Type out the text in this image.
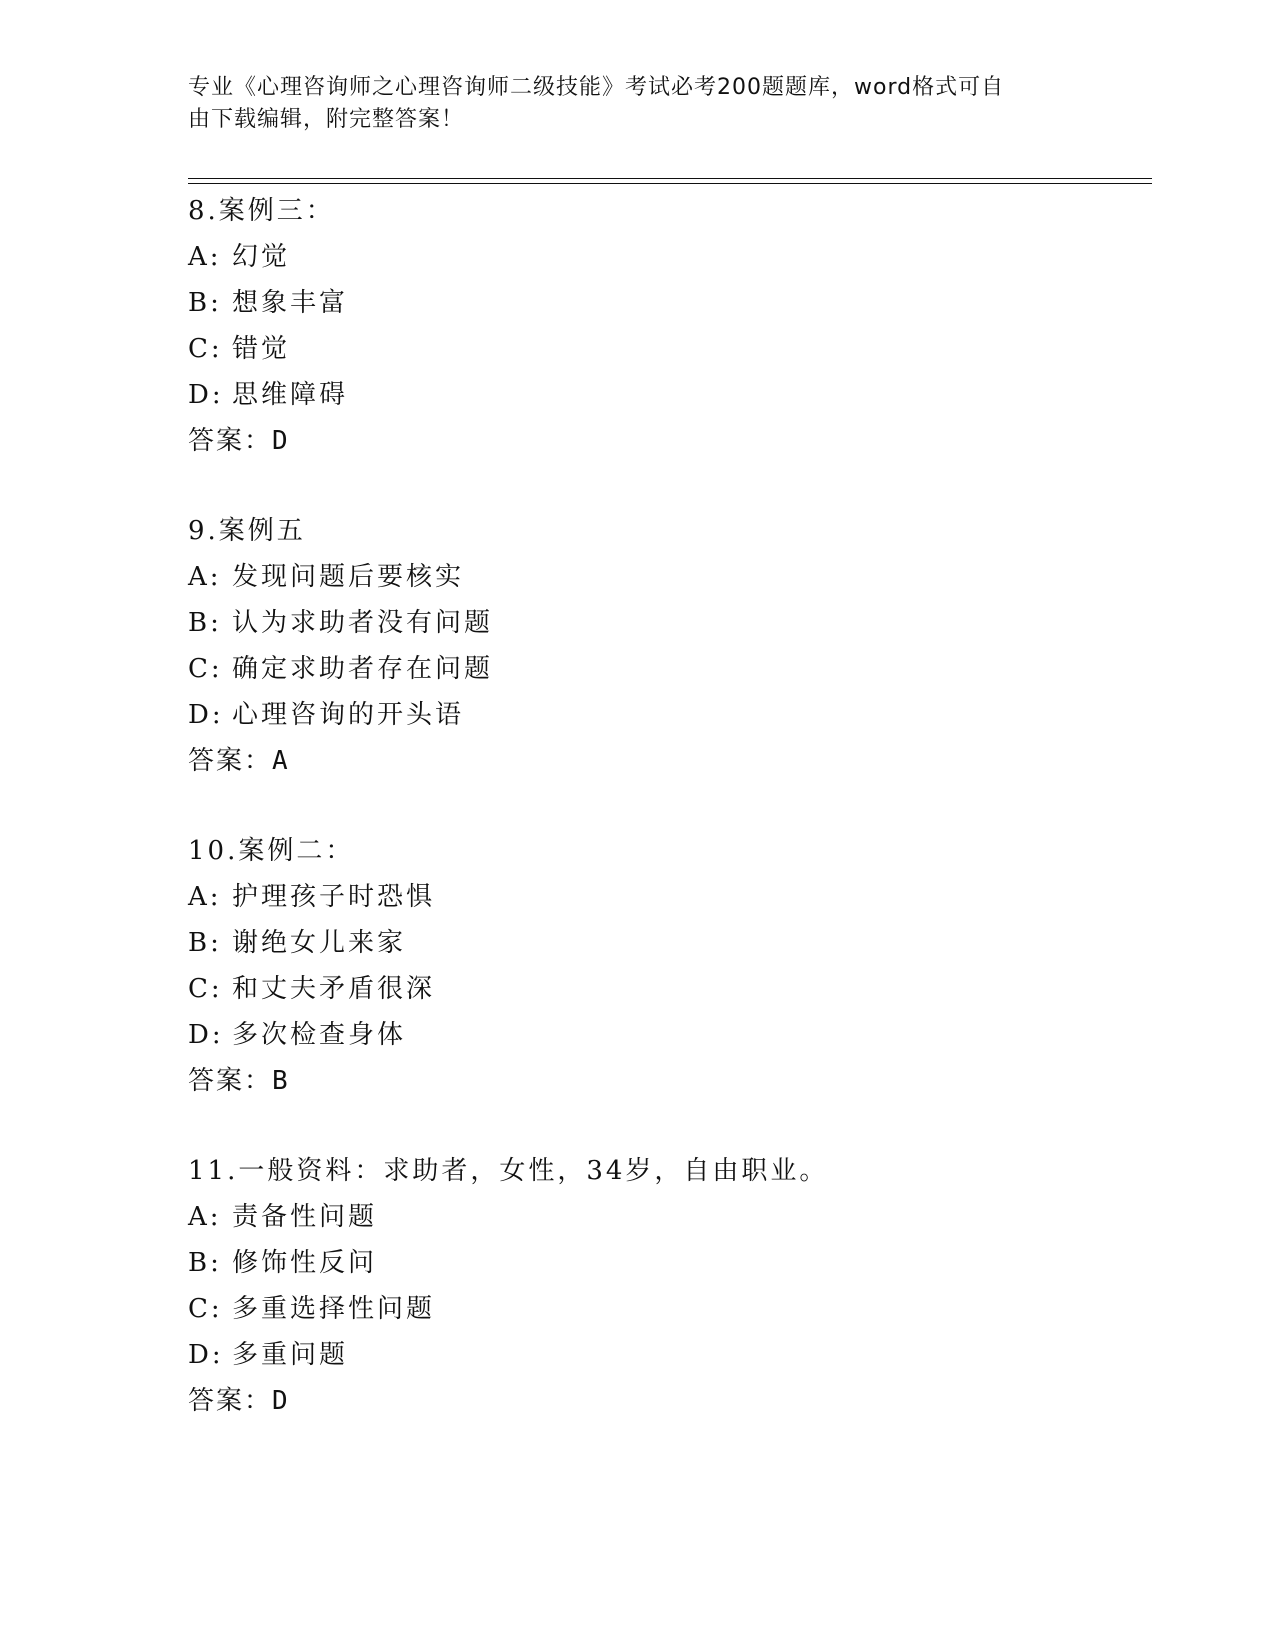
专业《心理咨询师之心理咨询师二级技能》考试必考200题题库，word格式可自
由下载编辑，附完整答案！
8.案例三：
A: 幻觉
B: 想象丰富
C: 错觉
D: 思维障碍
答案：D
9.案例五
A: 发现问题后要核实
B: 认为求助者没有问题
C: 确定求助者存在问题
D: 心理咨询的开头语
答案：A
10.案例二：
A: 护理孩子时恐惧
B: 谢绝女儿来家
C: 和丈夫矛盾很深
D: 多次检查身体
答案：B
11.一般资料：求助者，女性，34岁，自由职业。
A: 责备性问题
B: 修饰性反问
C: 多重选择性问题
D: 多重问题
答案：D
